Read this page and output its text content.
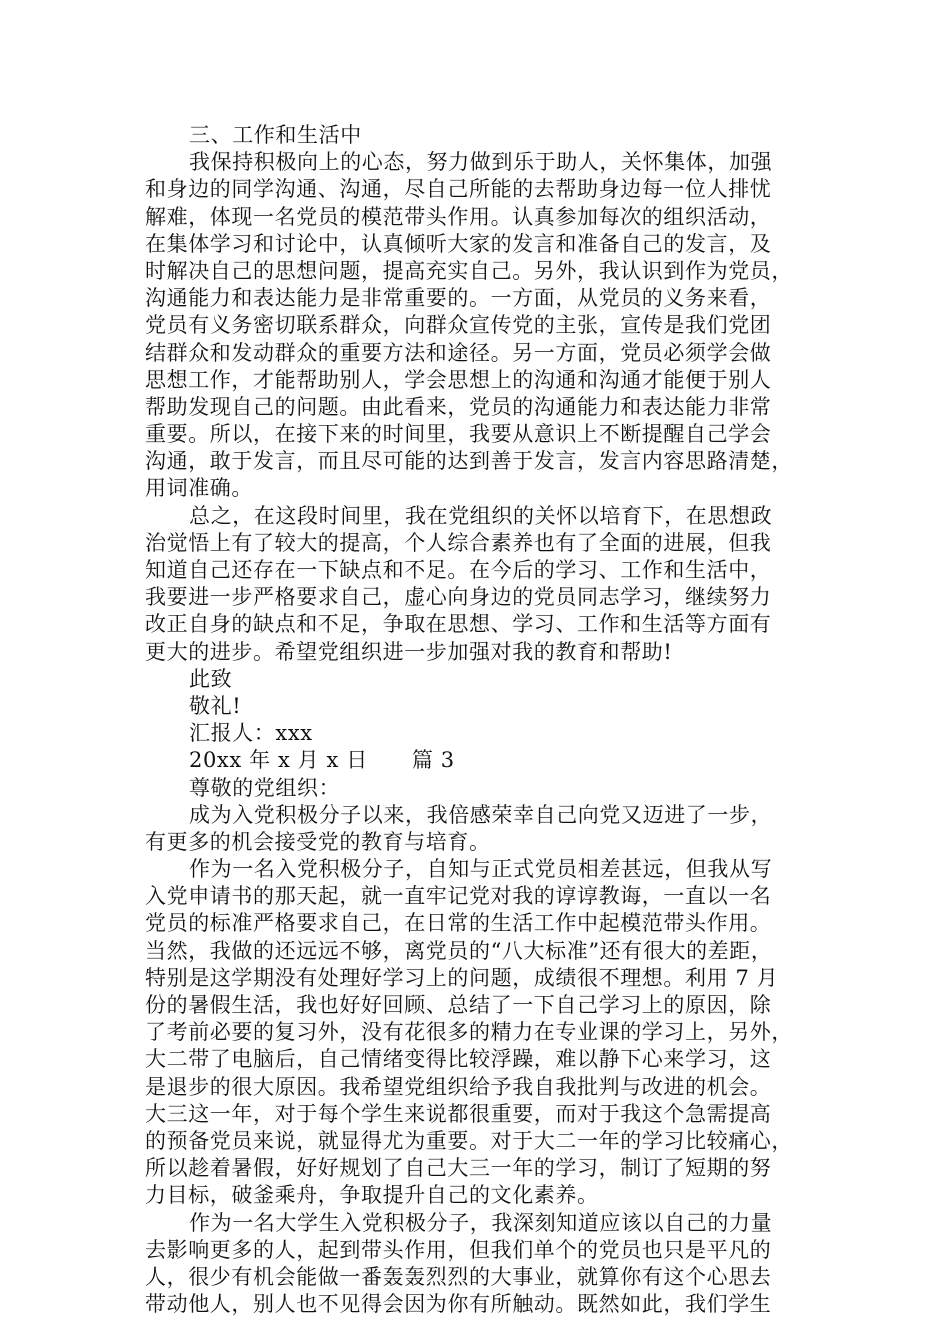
三、工作和生活中
我保持积极向上的心态，努力做到乐于助人，关怀集体，加强
和身边的同学沟通、沟通，尽自己所能的去帮助身边每一位人排忧
解难，体现一名党员的模范带头作用。认真参加每次的组织活动，
在集体学习和讨论中，认真倾听大家的发言和准备自己的发言，及
时解决自己的思想问题，提高充实自己。另外，我认识到作为党员，
沟通能力和表达能力是非常重要的。一方面，从党员的义务来看，
党员有义务密切联系群众，向群众宣传党的主张，宣传是我们党团
结群众和发动群众的重要方法和途径。另一方面，党员必须学会做
思想工作，才能帮助别人，学会思想上的沟通和沟通才能便于别人
帮助发现自己的问题。由此看来，党员的沟通能力和表达能力非常
重要。所以，在接下来的时间里，我要从意识上不断提醒自己学会
沟通，敢于发言，而且尽可能的达到善于发言，发言内容思路清楚，
用词准确。
总之，在这段时间里，我在党组织的关怀以培育下，在思想政
治觉悟上有了较大的提高，个人综合素养也有了全面的进展，但我
知道自己还存在一下缺点和不足。在今后的学习、工作和生活中，
我要进一步严格要求自己，虚心向身边的党员同志学习，继续努力
改正自身的缺点和不足，争取在思想、学习、工作和生活等方面有
更大的进步。希望党组织进一步加强对我的教育和帮助!
此致
敬礼!
汇报人：xxx
20xx 年 x 月 x 日 篇 3
尊敬的党组织：
成为入党积极分子以来，我倍感荣幸自己向党又迈进了一步，
有更多的机会接受党的教育与培育。
作为一名入党积极分子，自知与正式党员相差甚远，但我从写
入党申请书的那天起，就一直牢记党对我的谆谆教诲，一直以一名
党员的标准严格要求自己，在日常的生活工作中起模范带头作用。
当然，我做的还远远不够，离党员的“八大标准”还有很大的差距，
特别是这学期没有处理好学习上的问题，成绩很不理想。利用 7 月
份的暑假生活，我也好好回顾、总结了一下自己学习上的原因，除
了考前必要的复习外，没有花很多的精力在专业课的学习上，另外，
大二带了电脑后，自己情绪变得比较浮躁，难以静下心来学习，这
是退步的很大原因。我希望党组织给予我自我批判与改进的机会。
大三这一年，对于每个学生来说都很重要，而对于我这个急需提高
的预备党员来说，就显得尤为重要。对于大二一年的学习比较痛心，
所以趁着暑假，好好规划了自己大三一年的学习，制订了短期的努
力目标，破釜乘舟，争取提升自己的文化素养。
作为一名大学生入党积极分子，我深刻知道应该以自己的力量
去影响更多的人，起到带头作用，但我们单个的党员也只是平凡的
人，很少有机会能做一番轰轰烈烈的大事业，就算你有这个心思去
带动他人，别人也不见得会因为你有所触动。既然如此，我们学生
